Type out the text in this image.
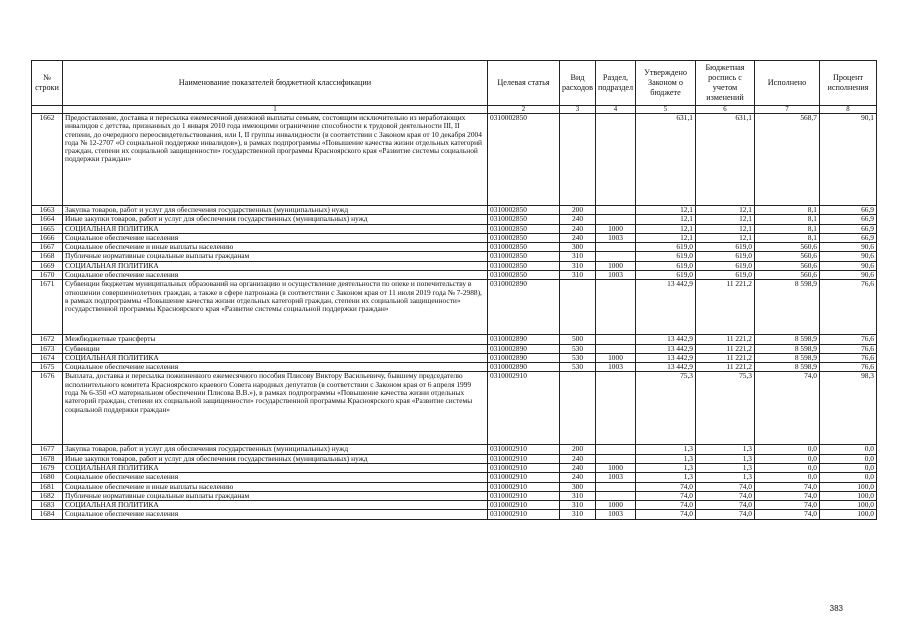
№ строки	Наименование показателей бюджетной классификации	Целевая статья	Вид расходов	Раздел, подраздел	Утверждено Законом о бюджете	Бюджетная роспись с учетом изменений	Исполнено	Процент исполнения
	1	2	3	4	5	6	7	8
1662	Предоставление, доставка и пересылка ежемесячной денежной выплаты семьям, состоящим исключительно из неработающих инвалидов с детства, признанных до 1 января 2010 года имеющими ограничение способности к трудовой деятельности III, II степени, до очередного переосвидетельствования, или I, II группы инвалидности (в соответствии с Законом края от 10 декабря 2004 года № 12-2707 «О социальной поддержке инвалидов»), в рамках подпрограммы «Повышение качества жизни отдельных категорий граждан, степени их социальной защищенности» государственной программы Красноярского края «Развитие системы социальной поддержки граждан»	0310002850			631,1	631,1	568,7	90,1
1663	Закупка товаров, работ и услуг для обеспечения государственных (муниципальных) нужд	0310002850	200		12,1	12,1	8,1	66,9
1664	Иные закупки товаров, работ и услуг для обеспечения государственных (муниципальных) нужд	0310002850	240		12,1	12,1	8,1	66,9
1665	СОЦИАЛЬНАЯ ПОЛИТИКА	0310002850	240	1000	12,1	12,1	8,1	66,9
1666	Социальное обеспечение населения	0310002850	240	1003	12,1	12,1	8,1	66,9
1667	Социальное обеспечение и иные выплаты населению	0310002850	300		619,0	619,0	560,6	90,6
1668	Публичные нормативные социальные выплаты гражданам	0310002850	310		619,0	619,0	560,6	90,6
1669	СОЦИАЛЬНАЯ ПОЛИТИКА	0310002850	310	1000	619,0	619,0	560,6	90,6
1670	Социальное обеспечение населения	0310002850	310	1003	619,0	619,0	560,6	90,6
1671	Субвенции бюджетам муниципальных образований на организацию и осуществление деятельности по опеке и попечительству в отношении совершеннолетних граждан, а также в сфере патронажа (в соответствии с Законом края от 11 июля 2019 года № 7-2988), в рамках подпрограммы «Повышение качества жизни отдельных категорий граждан, степени их социальной защищенности» государственной программы Красноярского края «Развитие системы социальной поддержки граждан»	0310002890			13 442,9	11 221,2	8 598,9	76,6
1672	Межбюджетные трансферты	0310002890	500		13 442,9	11 221,2	8 598,9	76,6
1673	Субвенции	0310002890	530		13 442,9	11 221,2	8 598,9	76,6
1674	СОЦИАЛЬНАЯ ПОЛИТИКА	0310002890	530	1000	13 442,9	11 221,2	8 598,9	76,6
1675	Социальное обеспечение населения	0310002890	530	1003	13 442,9	11 221,2	8 598,9	76,6
1676	Выплата, доставка и пересылка пожизненного ежемесячного пособия Плисову Виктору Васильевичу, бывшему председателю исполнительного комитета Красноярского краевого Совета народных депутатов (в соответствии с Законом края от 6 апреля 1999 года № 6-350 «О материальном обеспечении Плисова В.В.»), в рамках подпрограммы «Повышение качества жизни отдельных категорий граждан, степени их социальной защищенности» государственной программы Красноярского края «Развитие системы социальной поддержки граждан»	0310002910			75,3	75,3	74,0	98,3
1677	Закупка товаров, работ и услуг для обеспечения государственных (муниципальных) нужд	0310002910	200		1,3	1,3	0,0	0,0
1678	Иные закупки товаров, работ и услуг для обеспечения государственных (муниципальных) нужд	0310002910	240		1,3	1,3	0,0	0,0
1679	СОЦИАЛЬНАЯ ПОЛИТИКА	0310002910	240	1000	1,3	1,3	0,0	0,0
1680	Социальное обеспечение населения	0310002910	240	1003	1,3	1,3	0,0	0,0
1681	Социальное обеспечение и иные выплаты населению	0310002910	300		74,0	74,0	74,0	100,0
1682	Публичные нормативные социальные выплаты гражданам	0310002910	310		74,0	74,0	74,0	100,0
1683	СОЦИАЛЬНАЯ ПОЛИТИКА	0310002910	310	1000	74,0	74,0	74,0	100,0
1684	Социальное обеспечение населения	0310002910	310	1003	74,0	74,0	74,0	100,0
383
